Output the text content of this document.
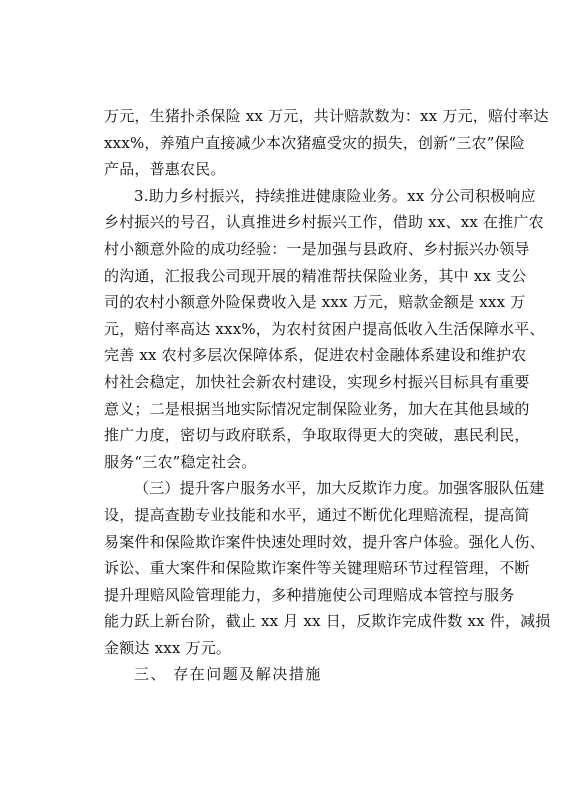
万元，生猪扑杀保险 xx 万元，共计赔款数为：xx 万元，赔付率达
xxx%，养殖户直接减少本次猪瘟受灾的损失，创新“三农”保险
产品，普惠农民。
3.助力乡村振兴，持续推进健康险业务。xx 分公司积极响应
乡村振兴的号召，认真推进乡村振兴工作，借助 xx、xx 在推广农
村小额意外险的成功经验：一是加强与县政府、乡村振兴办领导
的沟通，汇报我公司现开展的精准帮扶保险业务，其中 xx 支公
司的农村小额意外险保费收入是 xxx 万元，赔款金额是 xxx 万
元，赔付率高达 xxx%，为农村贫困户提高低收入生活保障水平、
完善 xx 农村多层次保障体系，促进农村金融体系建设和维护农
村社会稳定，加快社会新农村建设，实现乡村振兴目标具有重要
意义；二是根据当地实际情况定制保险业务，加大在其他县域的
推广力度，密切与政府联系，争取取得更大的突破，惠民利民，
服务“三农”稳定社会。
（三）提升客户服务水平，加大反欺诈力度。加强客服队伍建
设，提高查勘专业技能和水平，通过不断优化理赔流程，提高简
易案件和保险欺诈案件快速处理时效，提升客户体验。强化人伤、
诉讼、重大案件和保险欺诈案件等关键理赔环节过程管理，不断
提升理赔风险管理能力，多种措施使公司理赔成本管控与服务
能力跃上新台阶，截止 xx 月 xx 日，反欺诈完成件数 xx 件，减损
金额达 xxx 万元。
三、 存在问题及解决措施
